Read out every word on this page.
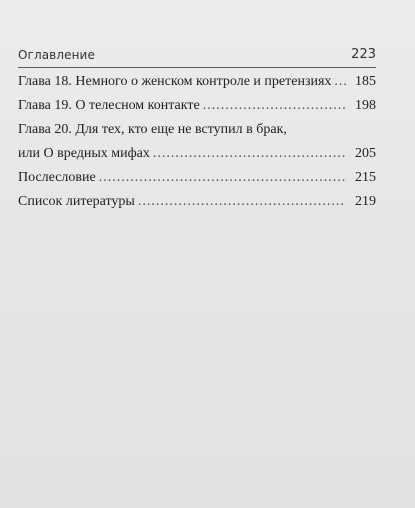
Оглавление	223
Глава 18. Немного о женском контроле и претензиях .....	185
Глава 19. О телесном контакте .....	198
Глава 20. Для тех, кто еще не вступил в брак,
или О вредных мифах .....	205
Послесловие .....	215
Список литературы .....	219
